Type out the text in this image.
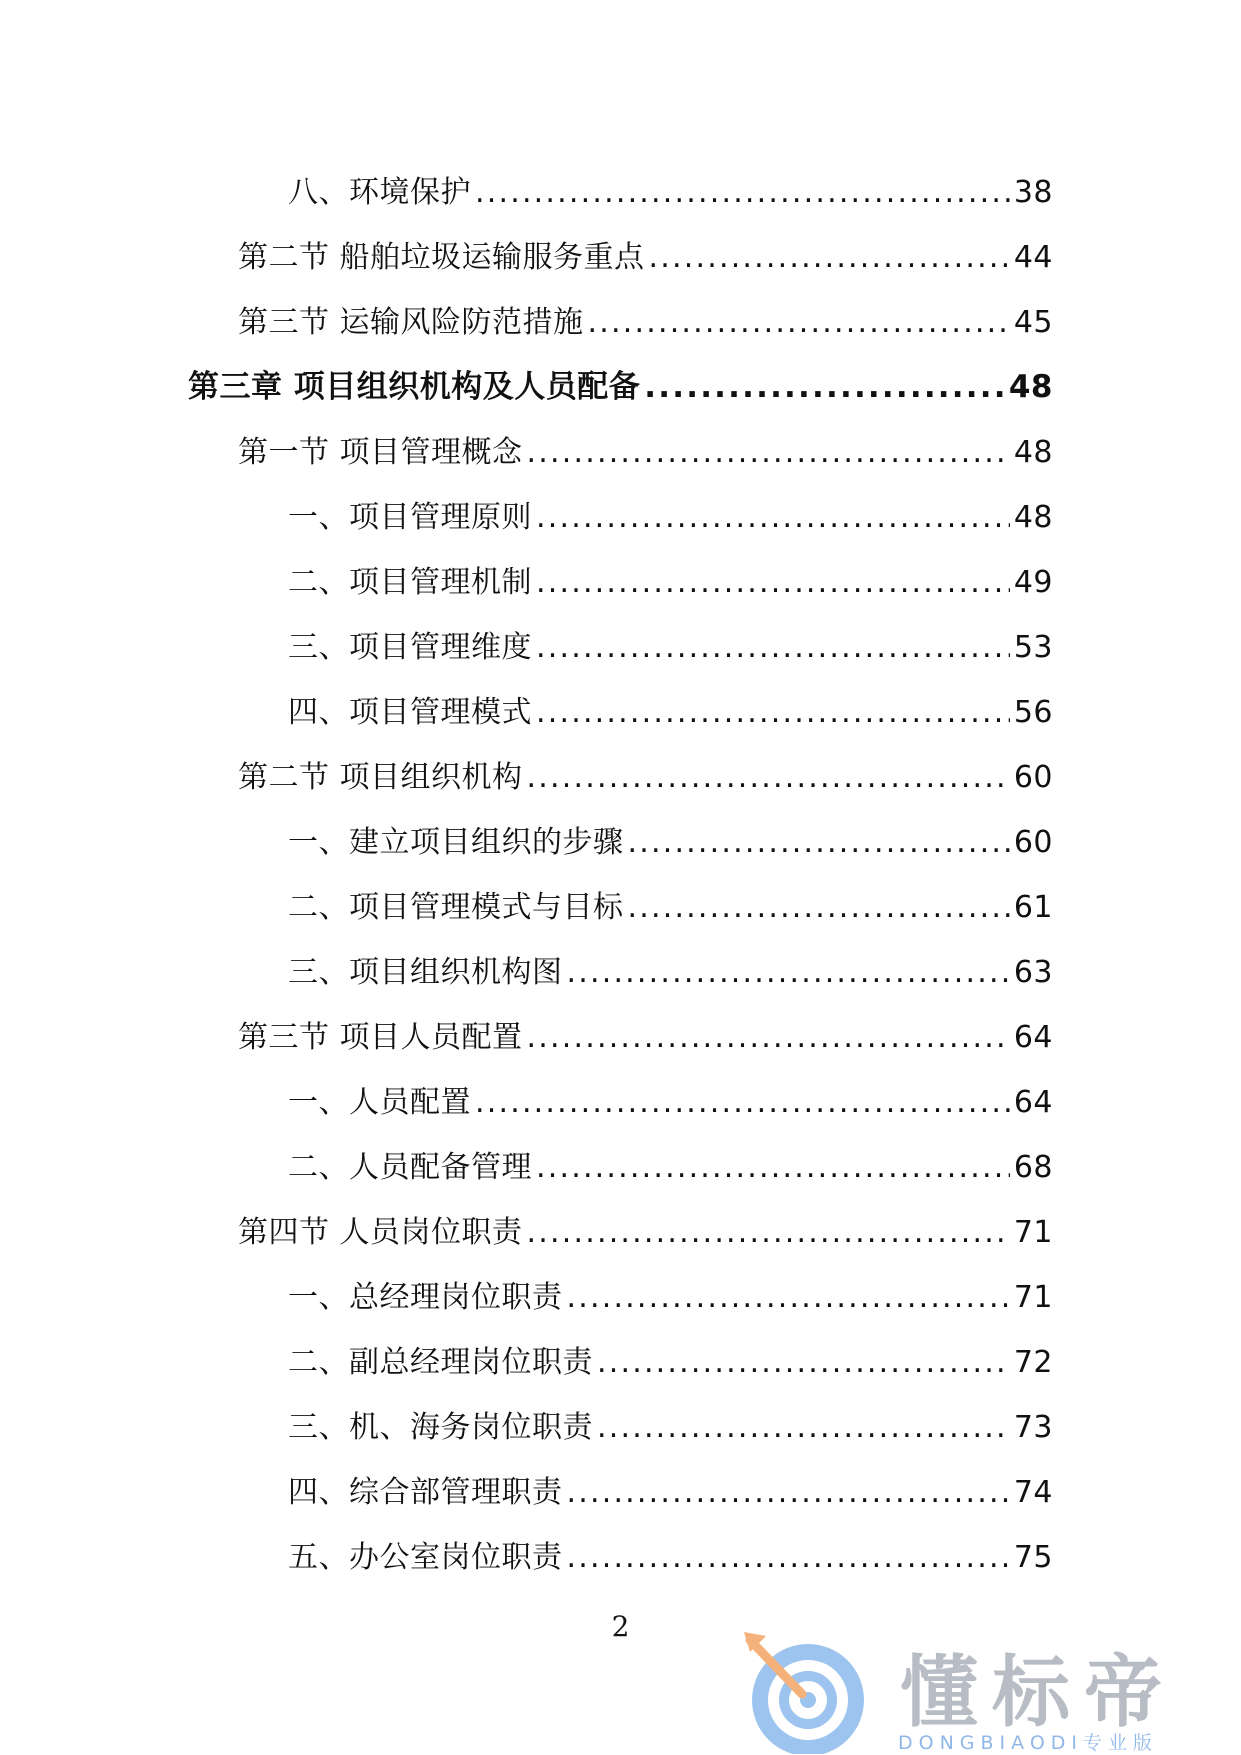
八、环境保护 .....	38
第二节 船舶垃圾运输服务重点 .....	44
第三节 运输风险防范措施 .....	45
第三章 项目组织机构及人员配备 .....	48
第一节 项目管理概念 .....	48
一、项目管理原则 .....	48
二、项目管理机制 .....	49
三、项目管理维度 .....	53
四、项目管理模式 .....	56
第二节 项目组织机构 .....	60
一、建立项目组织的步骤 .....	60
二、项目管理模式与目标 .....	61
三、项目组织机构图 .....	63
第三节 项目人员配置 .....	64
一、人员配置 .....	64
二、人员配备管理 .....	68
第四节 人员岗位职责 .....	71
一、总经理岗位职责 .....	71
二、副总经理岗位职责 .....	72
三、机、海务岗位职责 .....	73
四、综合部管理职责 .....	74
五、办公室岗位职责 .....	75
2
懂标帝
DONGBIAODI专业版
